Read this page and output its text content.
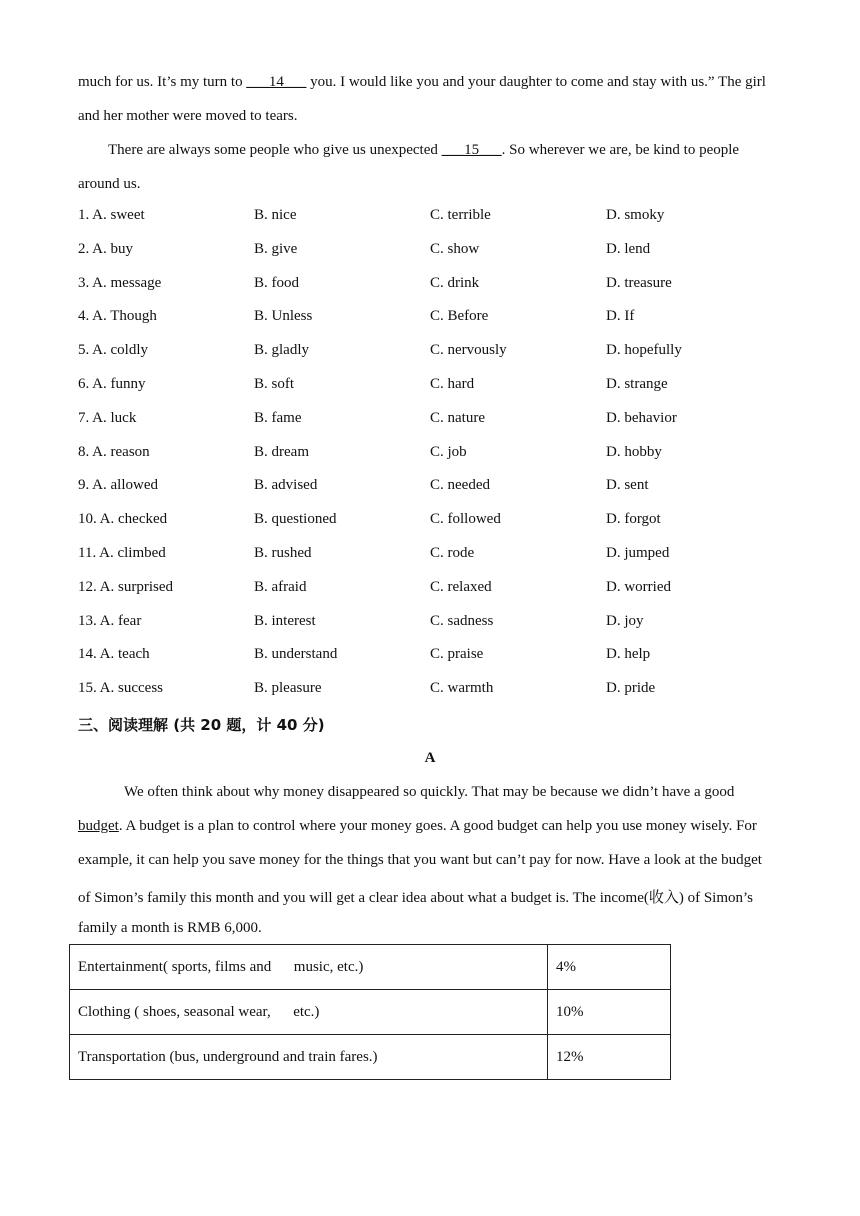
much for us. It’s my turn to ___14___ you. I would like you and your daughter to come and stay with us.” The girl
and her mother were moved to tears.
There are always some people who give us unexpected ___15___. So wherever we are, be kind to people
around us.
1. A. sweet	B. nice	C. terrible	D. smoky
2. A. buy	B. give	C. show	D. lend
3. A. message	B. food	C. drink	D. treasure
4. A. Though	B. Unless	C. Before	D. If
5. A. coldly	B. gladly	C. nervously	D. hopefully
6. A. funny	B. soft	C. hard	D. strange
7. A. luck	B. fame	C. nature	D. behavior
8. A. reason	B. dream	C. job	D. hobby
9. A. allowed	B. advised	C. needed	D. sent
10. A. checked	B. questioned	C. followed	D. forgot
11. A. climbed	B. rushed	C. rode	D. jumped
12. A. surprised	B. afraid	C. relaxed	D. worried
13. A. fear	B. interest	C. sadness	D. joy
14. A. teach	B. understand	C. praise	D. help
15. A. success	B. pleasure	C. warmth	D. pride
三、阅读理解 (共 20 题，计 40 分)
A
We often think about why money disappeared so quickly. That may be because we didn’t have a good
budget. A budget is a plan to control where your money goes. A good budget can help you use money wisely. For
example, it can help you save money for the things that you want but can’t pay for now. Have a look at the budget
of Simon’s family this month and you will get a clear idea about what a budget is. The income(收入) of Simon’s
family a month is RMB 6,000.
Entertainment( sports, films and      music, etc.)	4%
Clothing ( shoes, seasonal wear,      etc.)	10%
Transportation (bus, underground and train fares.)	12%
